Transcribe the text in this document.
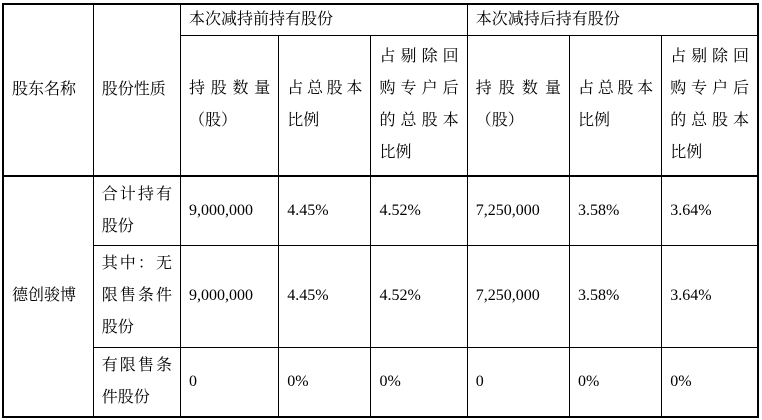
股东名称	股份性质	本次减持前持有股份			本次减持后持有股份		
		持股数量（股）	占总股本比例	占剔除回购专户后的总股本比例	持股数量（股）	占总股本比例	占剔除回购专户后的总股本比例
德创骏博	合计持有股份	9,000,000	4.45%	4.52%	7,250,000	3.58%	3.64%
	其中：无限售条件股份	9,000,000	4.45%	4.52%	7,250,000	3.58%	3.64%
	有限售条件股份	0	0%	0%	0	0%	0%
